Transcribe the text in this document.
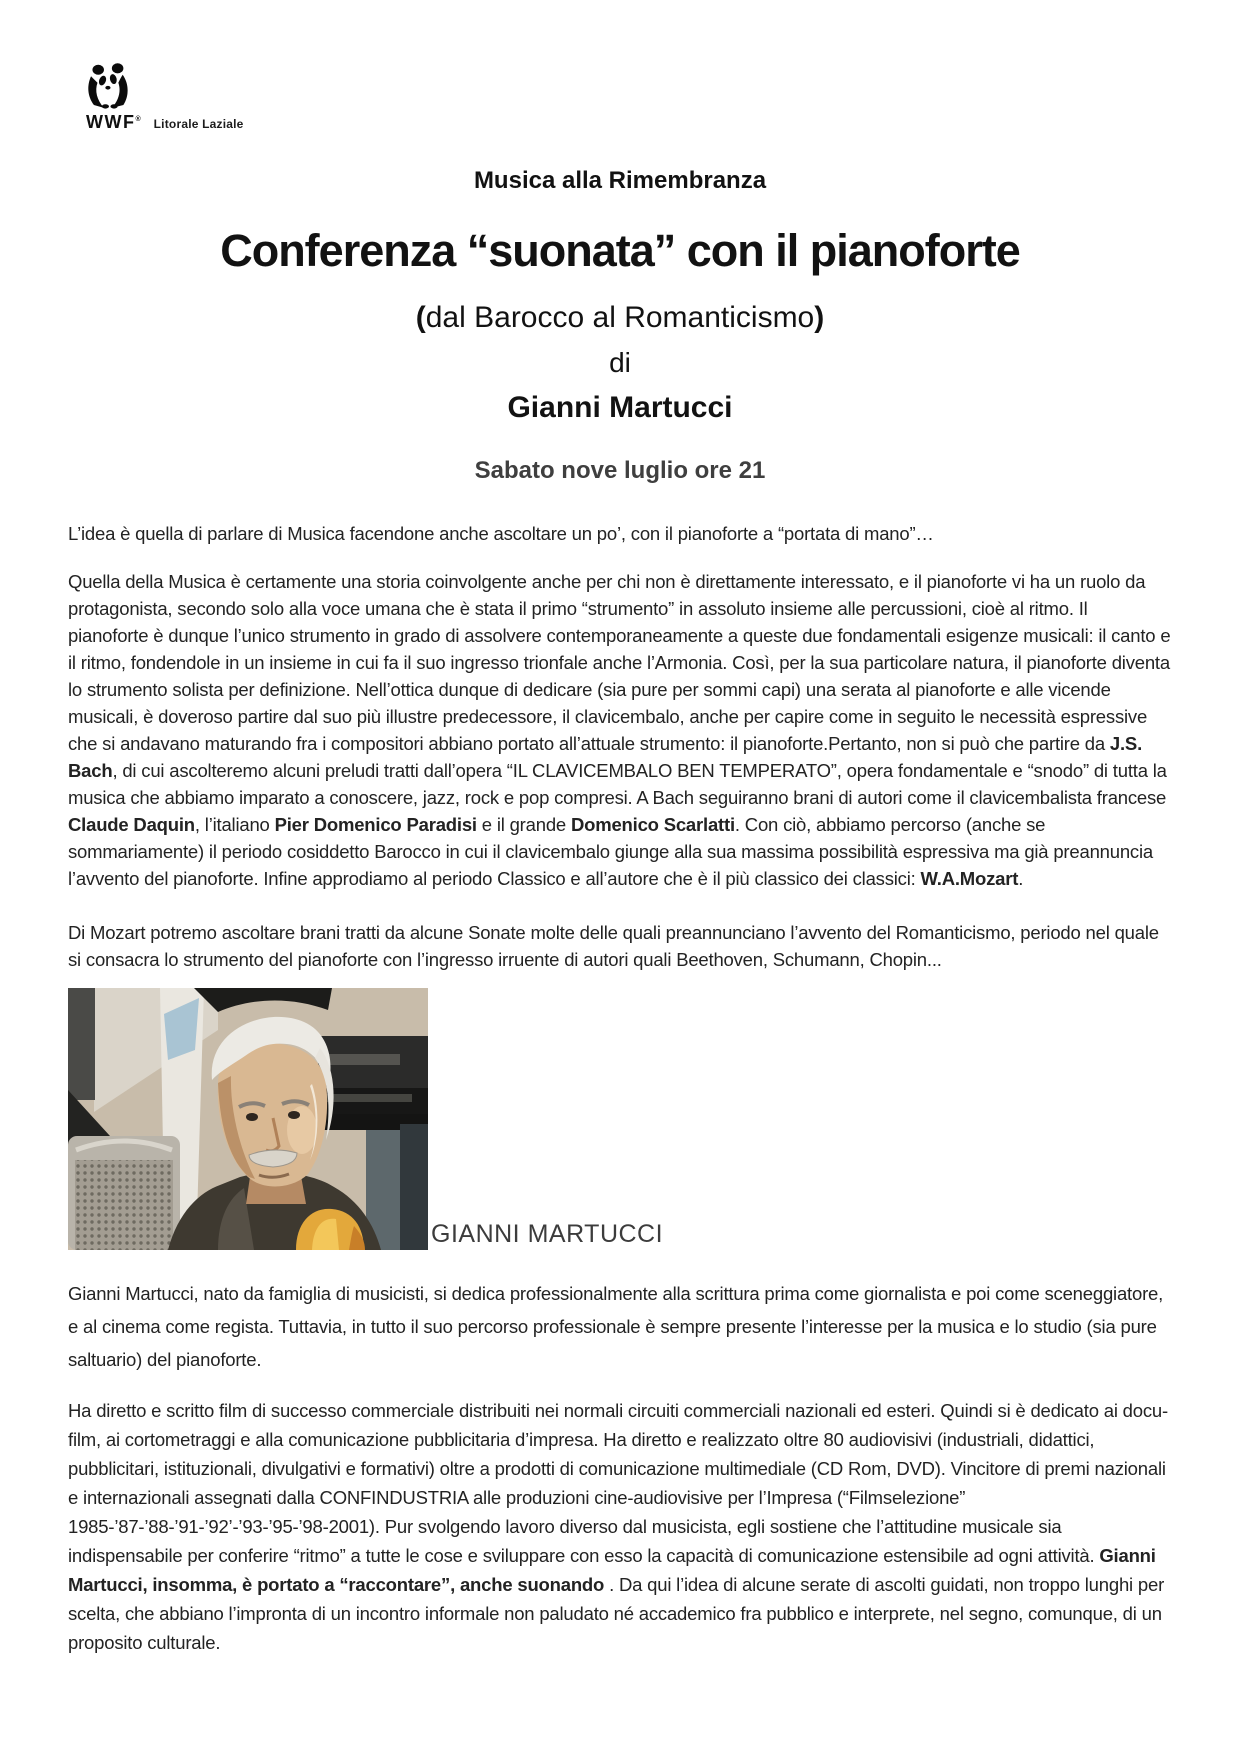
WWF ® Litorale Laziale
Musica alla Rimembranza
Conferenza “suonata” con il pianoforte
(dal Barocco al Romanticismo)
di
Gianni Martucci
Sabato nove luglio ore 21
L’idea è quella di parlare di Musica facendone anche ascoltare un po’, con il pianoforte a “portata di mano”…
Quella della Musica è certamente una storia coinvolgente anche per chi non è direttamente interessato, e il pianoforte vi ha un ruolo da protagonista, secondo solo alla voce umana che è stata il primo “strumento” in assoluto insieme alle percussioni, cioè al ritmo. Il pianoforte è dunque l’unico strumento in grado di assolvere contemporaneamente a queste due fondamentali esigenze musicali: il canto e il ritmo, fondendole in un insieme in cui fa il suo ingresso trionfale anche l’Armonia. Così, per la sua particolare natura, il pianoforte diventa lo strumento solista per definizione. Nell’ottica dunque di dedicare (sia pure per sommi capi) una serata al pianoforte e alle vicende musicali, è doveroso partire dal suo più illustre predecessore, il clavicembalo, anche per capire come in seguito le necessità espressive che si andavano maturando fra i compositori abbiano portato all’attuale strumento: il pianoforte.Pertanto, non si può che partire da J.S. Bach, di cui ascolteremo alcuni preludi tratti dall’opera “IL CLAVICEMBALO BEN TEMPERATO”, opera fondamentale e “snodo” di tutta la musica che abbiamo imparato a conoscere, jazz, rock e pop compresi. A Bach seguiranno brani di autori come il clavicembalista francese Claude Daquin, l’italiano Pier Domenico Paradisi e il grande Domenico Scarlatti. Con ciò, abbiamo percorso (anche se sommariamente) il periodo cosiddetto Barocco in cui il clavicembalo giunge alla sua massima possibilità espressiva ma già preannuncia l’avvento del pianoforte. Infine approdiamo al periodo Classico e all’autore che è il più classico dei classici: W.A.Mozart.
Di Mozart potremo ascoltare brani tratti da alcune Sonate molte delle quali preannunciano l’avvento del Romanticismo, periodo nel quale si consacra lo strumento del pianoforte con l’ingresso irruente di autori quali Beethoven, Schumann, Chopin...
GIANNI MARTUCCI
Gianni Martucci, nato da famiglia di musicisti, si dedica professionalmente alla scrittura prima come giornalista e poi come sceneggiatore, e al cinema come regista. Tuttavia, in tutto il suo percorso professionale è sempre presente l’interesse per la musica e lo studio (sia pure saltuario) del pianoforte.
Ha diretto e scritto film di successo commerciale distribuiti nei normali circuiti commerciali nazionali ed esteri. Quindi si è dedicato ai docu-film, ai cortometraggi e alla comunicazione pubblicitaria d’impresa. Ha diretto e realizzato oltre 80 audiovisivi (industriali, didattici, pubblicitari, istituzionali, divulgativi e formativi) oltre a prodotti di comunicazione multimediale (CD Rom, DVD). Vincitore di premi nazionali e internazionali assegnati dalla CONFINDUSTRIA alle produzioni cine-audiovisive per l’Impresa (“Filmselezione” 1985-’87-’88-’91-’92’-’93-’95-’98-2001). Pur svolgendo lavoro diverso dal musicista, egli sostiene che l’attitudine musicale sia indispensabile per conferire “ritmo” a tutte le cose e sviluppare con esso la capacità di comunicazione estensibile ad ogni attività. Gianni Martucci, insomma, è portato a “raccontare”, anche suonando . Da qui l’idea di alcune serate di ascolti guidati, non troppo lunghi per scelta, che abbiano l’impronta di un incontro informale non paludato né accademico fra pubblico e interprete, nel segno, comunque, di un proposito culturale.
